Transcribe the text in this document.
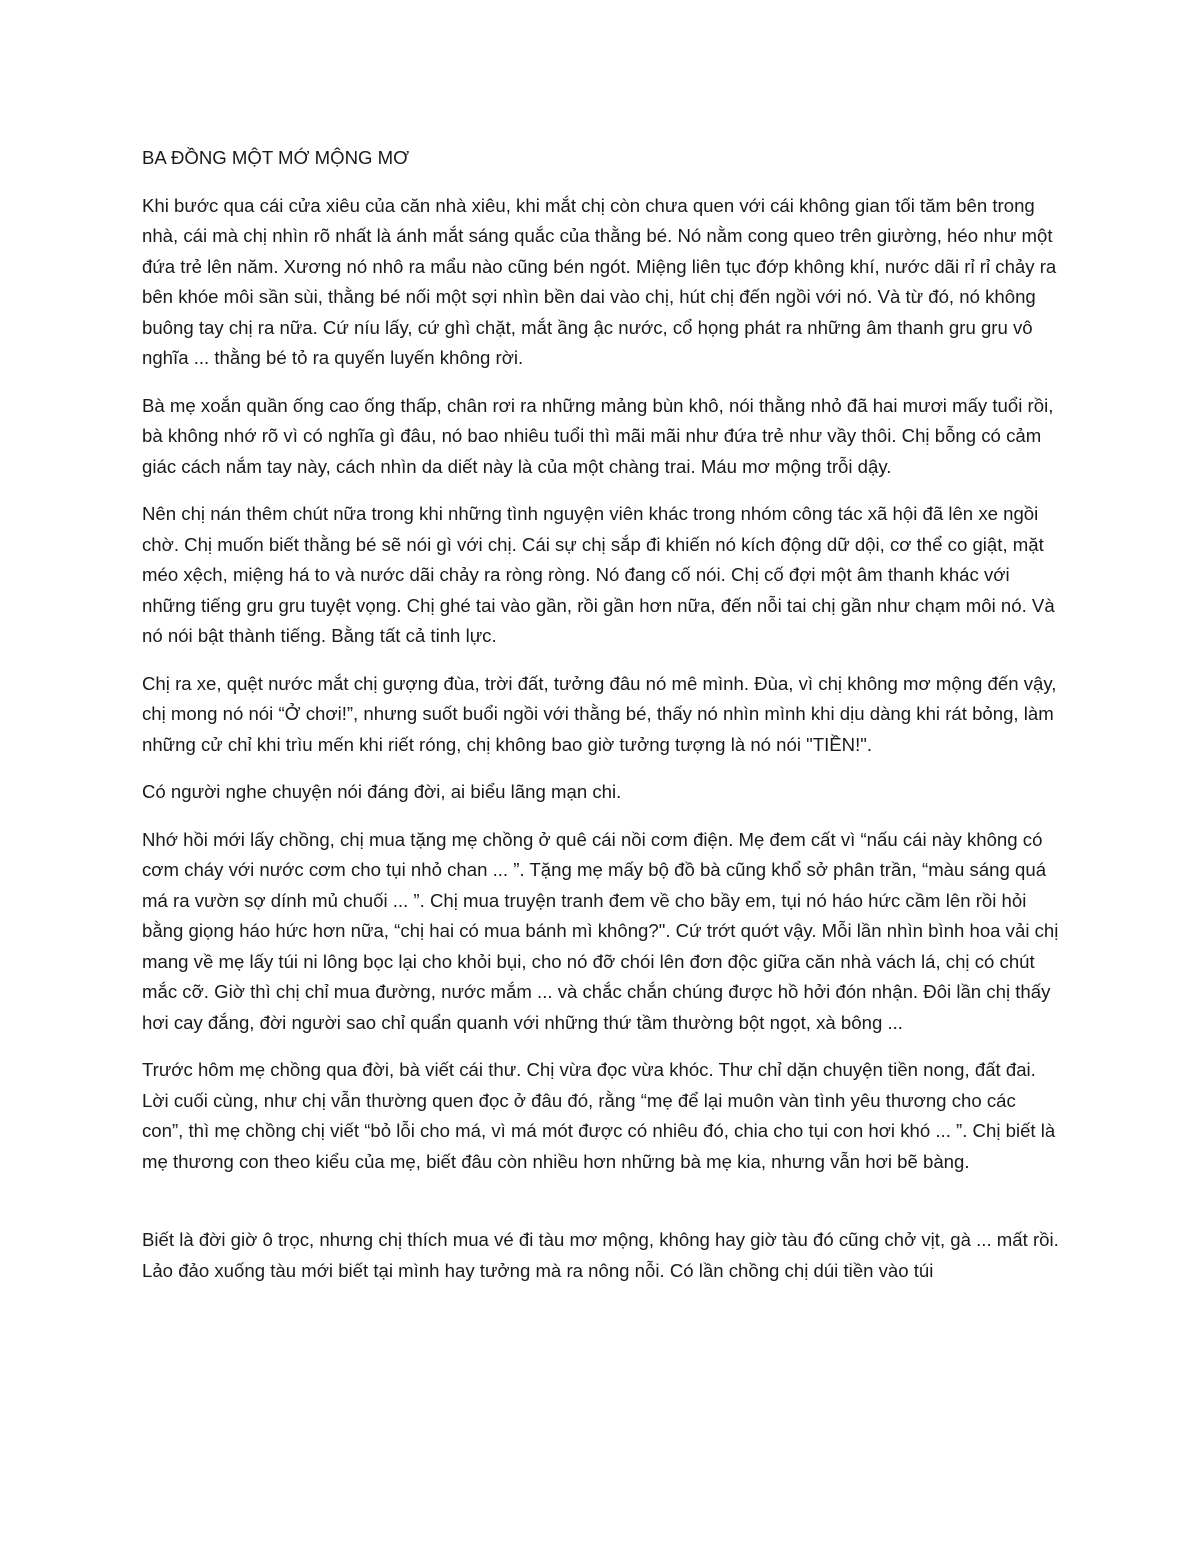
BA ĐỒNG MỘT MỚ MỘNG MƠ

Khi bước qua cái cửa xiêu của căn nhà xiêu, khi mắt chị còn chưa quen với cái không gian tối tăm bên trong nhà, cái mà chị nhìn rõ nhất là ánh mắt sáng quắc của thằng bé. Nó nằm cong queo trên giường, héo như một đứa trẻ lên năm. Xương nó nhô ra mẩu nào cũng bén ngót. Miệng liên tục đớp không khí, nước dãi rỉ rỉ chảy ra bên khóe môi sần sùi, thằng bé nối một sợi nhìn bền dai vào chị, hút chị đến ngồi với nó. Và từ đó, nó không buông tay chị ra nữa. Cứ níu lấy, cứ ghì chặt, mắt ầng ậc nước, cổ họng phát ra những âm thanh gru gru vô nghĩa ... thằng bé tỏ ra quyến luyến không rời.

Bà mẹ xoắn quần ống cao ống thấp, chân rơi ra những mảng bùn khô, nói thằng nhỏ đã hai mươi mấy tuổi rồi, bà không nhớ rõ vì có nghĩa gì đâu, nó bao nhiêu tuổi thì mãi mãi như đứa trẻ như vầy thôi. Chị bỗng có cảm giác cách nắm tay này, cách nhìn da diết này là của một chàng trai. Máu mơ mộng trỗi dậy.

Nên chị nán thêm chút nữa trong khi những tình nguyện viên khác trong nhóm công tác xã hội đã lên xe ngồi chờ. Chị muốn biết thằng bé sẽ nói gì với chị. Cái sự chị sắp đi khiến nó kích động dữ dội, cơ thể co giật, mặt méo xệch, miệng há to và nước dãi chảy ra ròng ròng. Nó đang cố nói. Chị cố đợi một âm thanh khác với những tiếng gru gru tuyệt vọng. Chị ghé tai vào gần, rồi gần hơn nữa, đến nỗi tai chị gần như chạm môi nó. Và nó nói bật thành tiếng. Bằng tất cả tinh lực.

Chị ra xe, quệt nước mắt chị gượng đùa, trời đất, tưởng đâu nó mê mình. Đùa, vì chị không mơ mộng đến vậy, chị mong nó nói “Ở chơi!”, nhưng suốt buổi ngồi với thằng bé, thấy nó nhìn mình khi dịu dàng khi rát bỏng, làm những cử chỉ khi trìu mến khi riết róng, chị không bao giờ tưởng tượng là nó nói "TIỀN!".

Có người nghe chuyện nói đáng đời, ai biểu lãng mạn chi.

Nhớ hồi mới lấy chồng, chị mua tặng mẹ chồng ở quê cái nồi cơm điện. Mẹ đem cất vì “nấu cái này không có cơm cháy với nước cơm cho tụi nhỏ chan ... ”. Tặng mẹ mấy bộ đồ bà cũng khổ sở phân trần, “màu sáng quá má ra vườn sợ dính mủ chuối ... ”. Chị mua truyện tranh đem về cho bầy em, tụi nó háo hức cầm lên rồi hỏi bằng giọng háo hức hơn nữa, “chị hai có mua bánh mì không?". Cứ trớt quớt vậy. Mỗi lần nhìn bình hoa vải chị mang về mẹ lấy túi ni lông bọc lại cho khỏi bụi, cho nó đỡ chói lên đơn độc giữa căn nhà vách lá, chị có chút mắc cỡ. Giờ thì chị chỉ mua đường, nước mắm ... và chắc chắn chúng được hồ hởi đón nhận. Đôi lần chị thấy hơi cay đắng, đời người sao chỉ quẩn quanh với những thứ tầm thường bột ngọt, xà bông ...

Trước hôm mẹ chồng qua đời, bà viết cái thư. Chị vừa đọc vừa khóc. Thư chỉ dặn chuyện tiền nong, đất đai. Lời cuối cùng, như chị vẫn thường quen đọc ở đâu đó, rằng “mẹ để lại muôn vàn tình yêu thương cho các con”, thì mẹ chồng chị viết “bỏ lỗi cho má, vì má mót được có nhiêu đó, chia cho tụi con hơi khó ... ”. Chị biết là mẹ thương con theo kiểu của mẹ, biết đâu còn nhiều hơn những bà mẹ kia, nhưng vẫn hơi bẽ bàng.

Biết là đời giờ ô trọc, nhưng chị thích mua vé đi tàu mơ mộng, không hay giờ tàu đó cũng chở vịt, gà ... mất rồi. Lảo đảo xuống tàu mới biết tại mình hay tưởng mà ra nông nỗi. Có lần chồng chị dúi tiền vào túi
